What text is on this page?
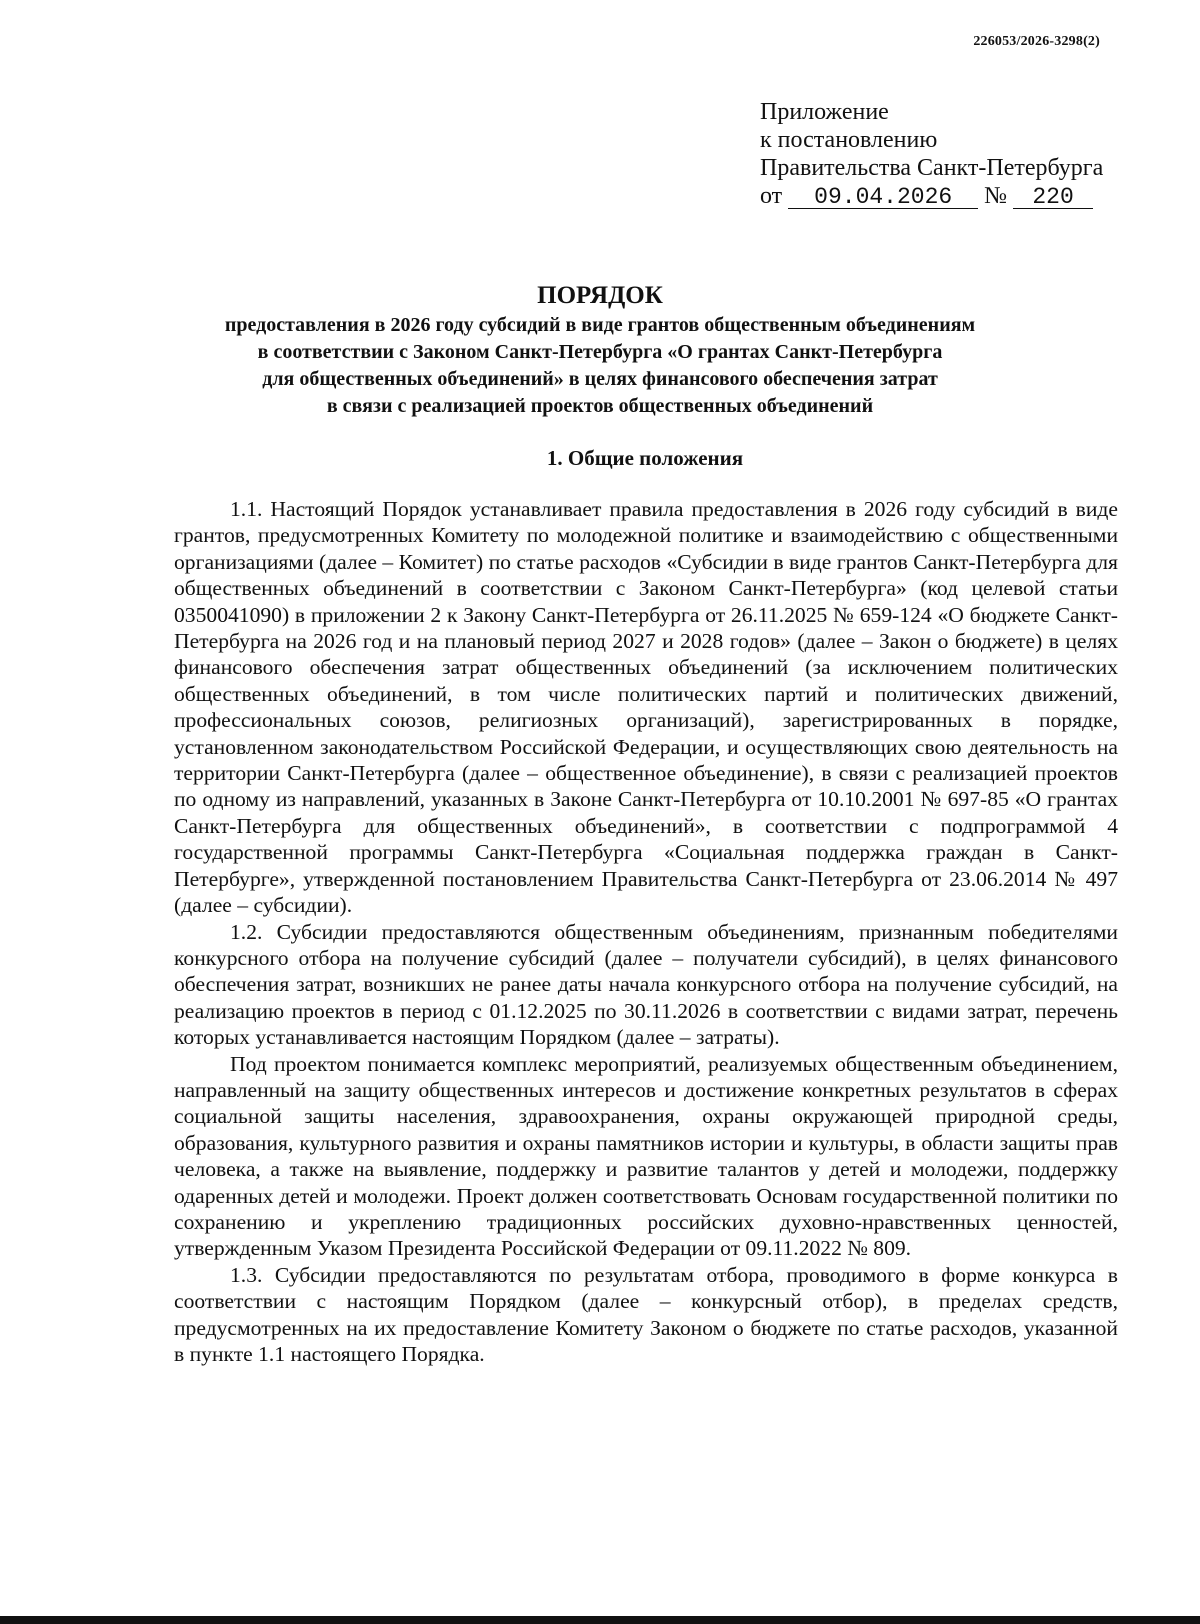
226053/2026-3298(2)
Приложение
к постановлению
Правительства Санкт-Петербурга
от	09.04.2026	№	220
ПОРЯДОК
предоставления в 2026 году субсидий в виде грантов общественным объединениям
в соответствии с Законом Санкт-Петербурга «О грантах Санкт-Петербурга
для общественных объединений» в целях финансового обеспечения затрат
в связи с реализацией проектов общественных объединений
1. Общие положения

1.1. Настоящий Порядок устанавливает правила предоставления в 2026 году субсидий в виде грантов, предусмотренных Комитету по молодежной политике и взаимодействию с общественными организациями (далее – Комитет) по статье расходов «Субсидии в виде грантов Санкт-Петербурга для общественных объединений в соответствии с Законом Санкт-Петербурга» (код целевой статьи 0350041090) в приложении 2 к Закону Санкт-Петербурга от 26.11.2025 № 659-124 «О бюджете Санкт-Петербурга на 2026 год и на плановый период 2027 и 2028 годов» (далее – Закон о бюджете) в целях финансового обеспечения затрат общественных объединений (за исключением политических общественных объединений, в том числе политических партий и политических движений, профессиональных союзов, религиозных организаций), зарегистрированных в порядке, установленном законодательством Российской Федерации, и осуществляющих свою деятельность на территории Санкт-Петербурга (далее – общественное объединение), в связи с реализацией проектов по одному из направлений, указанных в Законе Санкт-Петербурга от 10.10.2001 № 697-85 «О грантах Санкт-Петербурга для общественных объединений», в соответствии с подпрограммой 4 государственной программы Санкт-Петербурга «Социальная поддержка граждан в Санкт-Петербурге», утвержденной постановлением Правительства Санкт-Петербурга от 23.06.2014 № 497 (далее – субсидии).

1.2. Субсидии предоставляются общественным объединениям, признанным победителями конкурсного отбора на получение субсидий (далее – получатели субсидий), в целях финансового обеспечения затрат, возникших не ранее даты начала конкурсного отбора на получение субсидий, на реализацию проектов в период с 01.12.2025 по 30.11.2026 в соответствии с видами затрат, перечень которых устанавливается настоящим Порядком (далее – затраты).

Под проектом понимается комплекс мероприятий, реализуемых общественным объединением, направленный на защиту общественных интересов и достижение конкретных результатов в сферах социальной защиты населения, здравоохранения, охраны окружающей природной среды, образования, культурного развития и охраны памятников истории и культуры, в области защиты прав человека, а также на выявление, поддержку и развитие талантов у детей и молодежи, поддержку одаренных детей и молодежи. Проект должен соответствовать Основам государственной политики по сохранению и укреплению традиционных российских духовно-нравственных ценностей, утвержденным Указом Президента Российской Федерации от 09.11.2022 № 809.

1.3. Субсидии предоставляются по результатам отбора, проводимого в форме конкурса в соответствии с настоящим Порядком (далее – конкурсный отбор), в пределах средств, предусмотренных на их предоставление Комитету Законом о бюджете по статье расходов, указанной в пункте 1.1 настоящего Порядка.
